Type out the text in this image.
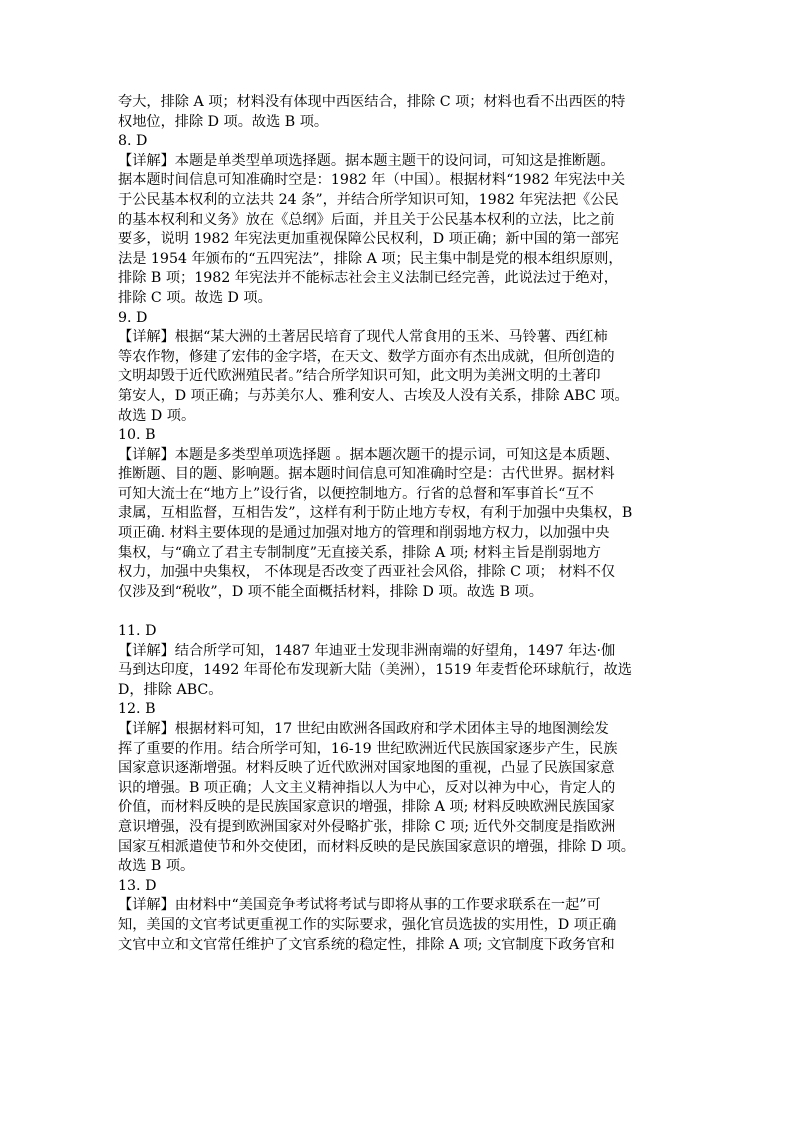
夸大，排除 A 项；材料没有体现中西医结合，排除 C 项；材料也看不出西医的特
权地位，排除 D 项。故选 B 项。
8. D
【详解】本题是单类型单项选择题。据本题主题干的设问词，可知这是推断题。
据本题时间信息可知准确时空是：1982 年（中国）。根据材料“1982 年宪法中关
于公民基本权利的立法共 24 条”，并结合所学知识可知，1982 年宪法把《公民
的基本权利和义务》放在《总纲》后面，并且关于公民基本权利的立法，比之前
要多，说明 1982 年宪法更加重视保障公民权利，D 项正确；新中国的第一部宪
法是 1954 年颁布的“五四宪法”，排除 A 项；民主集中制是党的根本组织原则，
排除 B 项；1982 年宪法并不能标志社会主义法制已经完善，此说法过于绝对，
排除 C 项。故选 D 项。
9. D
【详解】根据“某大洲的土著居民培育了现代人常食用的玉米、马铃薯、西红柿
等农作物，修建了宏伟的金字塔，在天文、数学方面亦有杰出成就，但所创造的
文明却毁于近代欧洲殖民者。”结合所学知识可知，此文明为美洲文明的土著印
第安人，D 项正确；与苏美尔人、雅利安人、古埃及人没有关系，排除 ABC 项。
故选 D 项。
10. B
【详解】本题是多类型单项选择题 。据本题次题干的提示词，可知这是本质题、
推断题、目的题、影响题。据本题时间信息可知准确时空是：古代世界。据材料
可知大流士在“地方上”设行省，以便控制地方。行省的总督和军事首长“互不
隶属，互相监督，互相告发”，这样有利于防止地方专权，有利于加强中央集权，B
项正确. 材料主要体现的是通过加强对地方的管理和削弱地方权力，以加强中央
集权，与“确立了君主专制制度”无直接关系，排除 A 项; 材料主旨是削弱地方
权力，加强中央集权， 不体现是否改变了西亚社会风俗，排除 C 项； 材料不仅
仅涉及到“税收”，D 项不能全面概括材料，排除 D 项。故选 B 项。
11. D
【详解】结合所学可知，1487 年迪亚士发现非洲南端的好望角，1497 年达·伽
马到达印度，1492 年哥伦布发现新大陆（美洲），1519 年麦哲伦环球航行，故选
D，排除 ABC。
12. B
【详解】根据材料可知，17 世纪由欧洲各国政府和学术团体主导的地图测绘发
挥了重要的作用。结合所学可知，16-19 世纪欧洲近代民族国家逐步产生，民族
国家意识逐渐增强。材料反映了近代欧洲对国家地图的重视，凸显了民族国家意
识的增强。B 项正确；人文主义精神指以人为中心，反对以神为中心，肯定人的
价值，而材料反映的是民族国家意识的增强，排除 A 项; 材料反映欧洲民族国家
意识增强，没有提到欧洲国家对外侵略扩张，排除 C 项; 近代外交制度是指欧洲
国家互相派遣使节和外交使团，而材料反映的是民族国家意识的增强，排除 D 项。
故选 B 项。
13. D
【详解】由材料中“美国竞争考试将考试与即将从事的工作要求联系在一起”可
知，美国的文官考试更重视工作的实际要求，强化官员选拔的实用性，D 项正确
文官中立和文官常任维护了文官系统的稳定性，排除 A 项; 文官制度下政务官和
